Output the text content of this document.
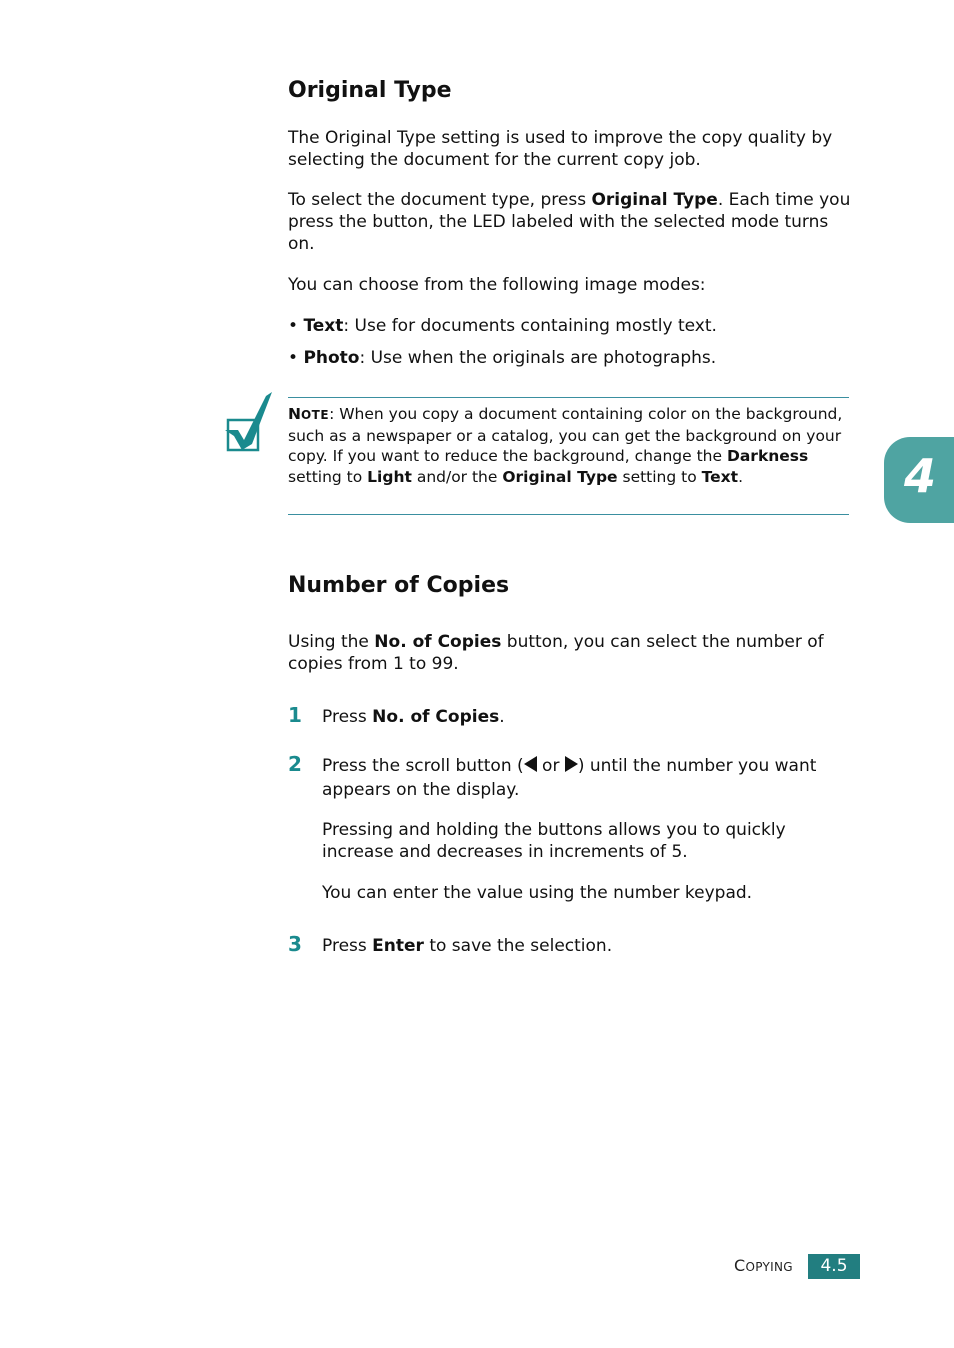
Original Type

The Original Type setting is used to improve the copy quality by selecting the document for the current copy job.

To select the document type, press Original Type. Each time you press the button, the LED labeled with the selected mode turns on.

You can choose from the following image modes:

• Text: Use for documents containing mostly text.

• Photo: Use when the originals are photographs.

NOTE: When you copy a document containing color on the background, such as a newspaper or a catalog, you can get the background on your copy. If you want to reduce the background, change the Darkness setting to Light and/or the Original Type setting to Text.	4
Number of Copies

Using the No. of Copies button, you can select the number of copies from 1 to 99.

1 Press No. of Copies.

2 Press the scroll button ( or ) until the number you want appears on the display.

Pressing and holding the buttons allows you to quickly increase and decreases in increments of 5.

You can enter the value using the number keypad.

3 Press Enter to save the selection.

COPYING	4.5
